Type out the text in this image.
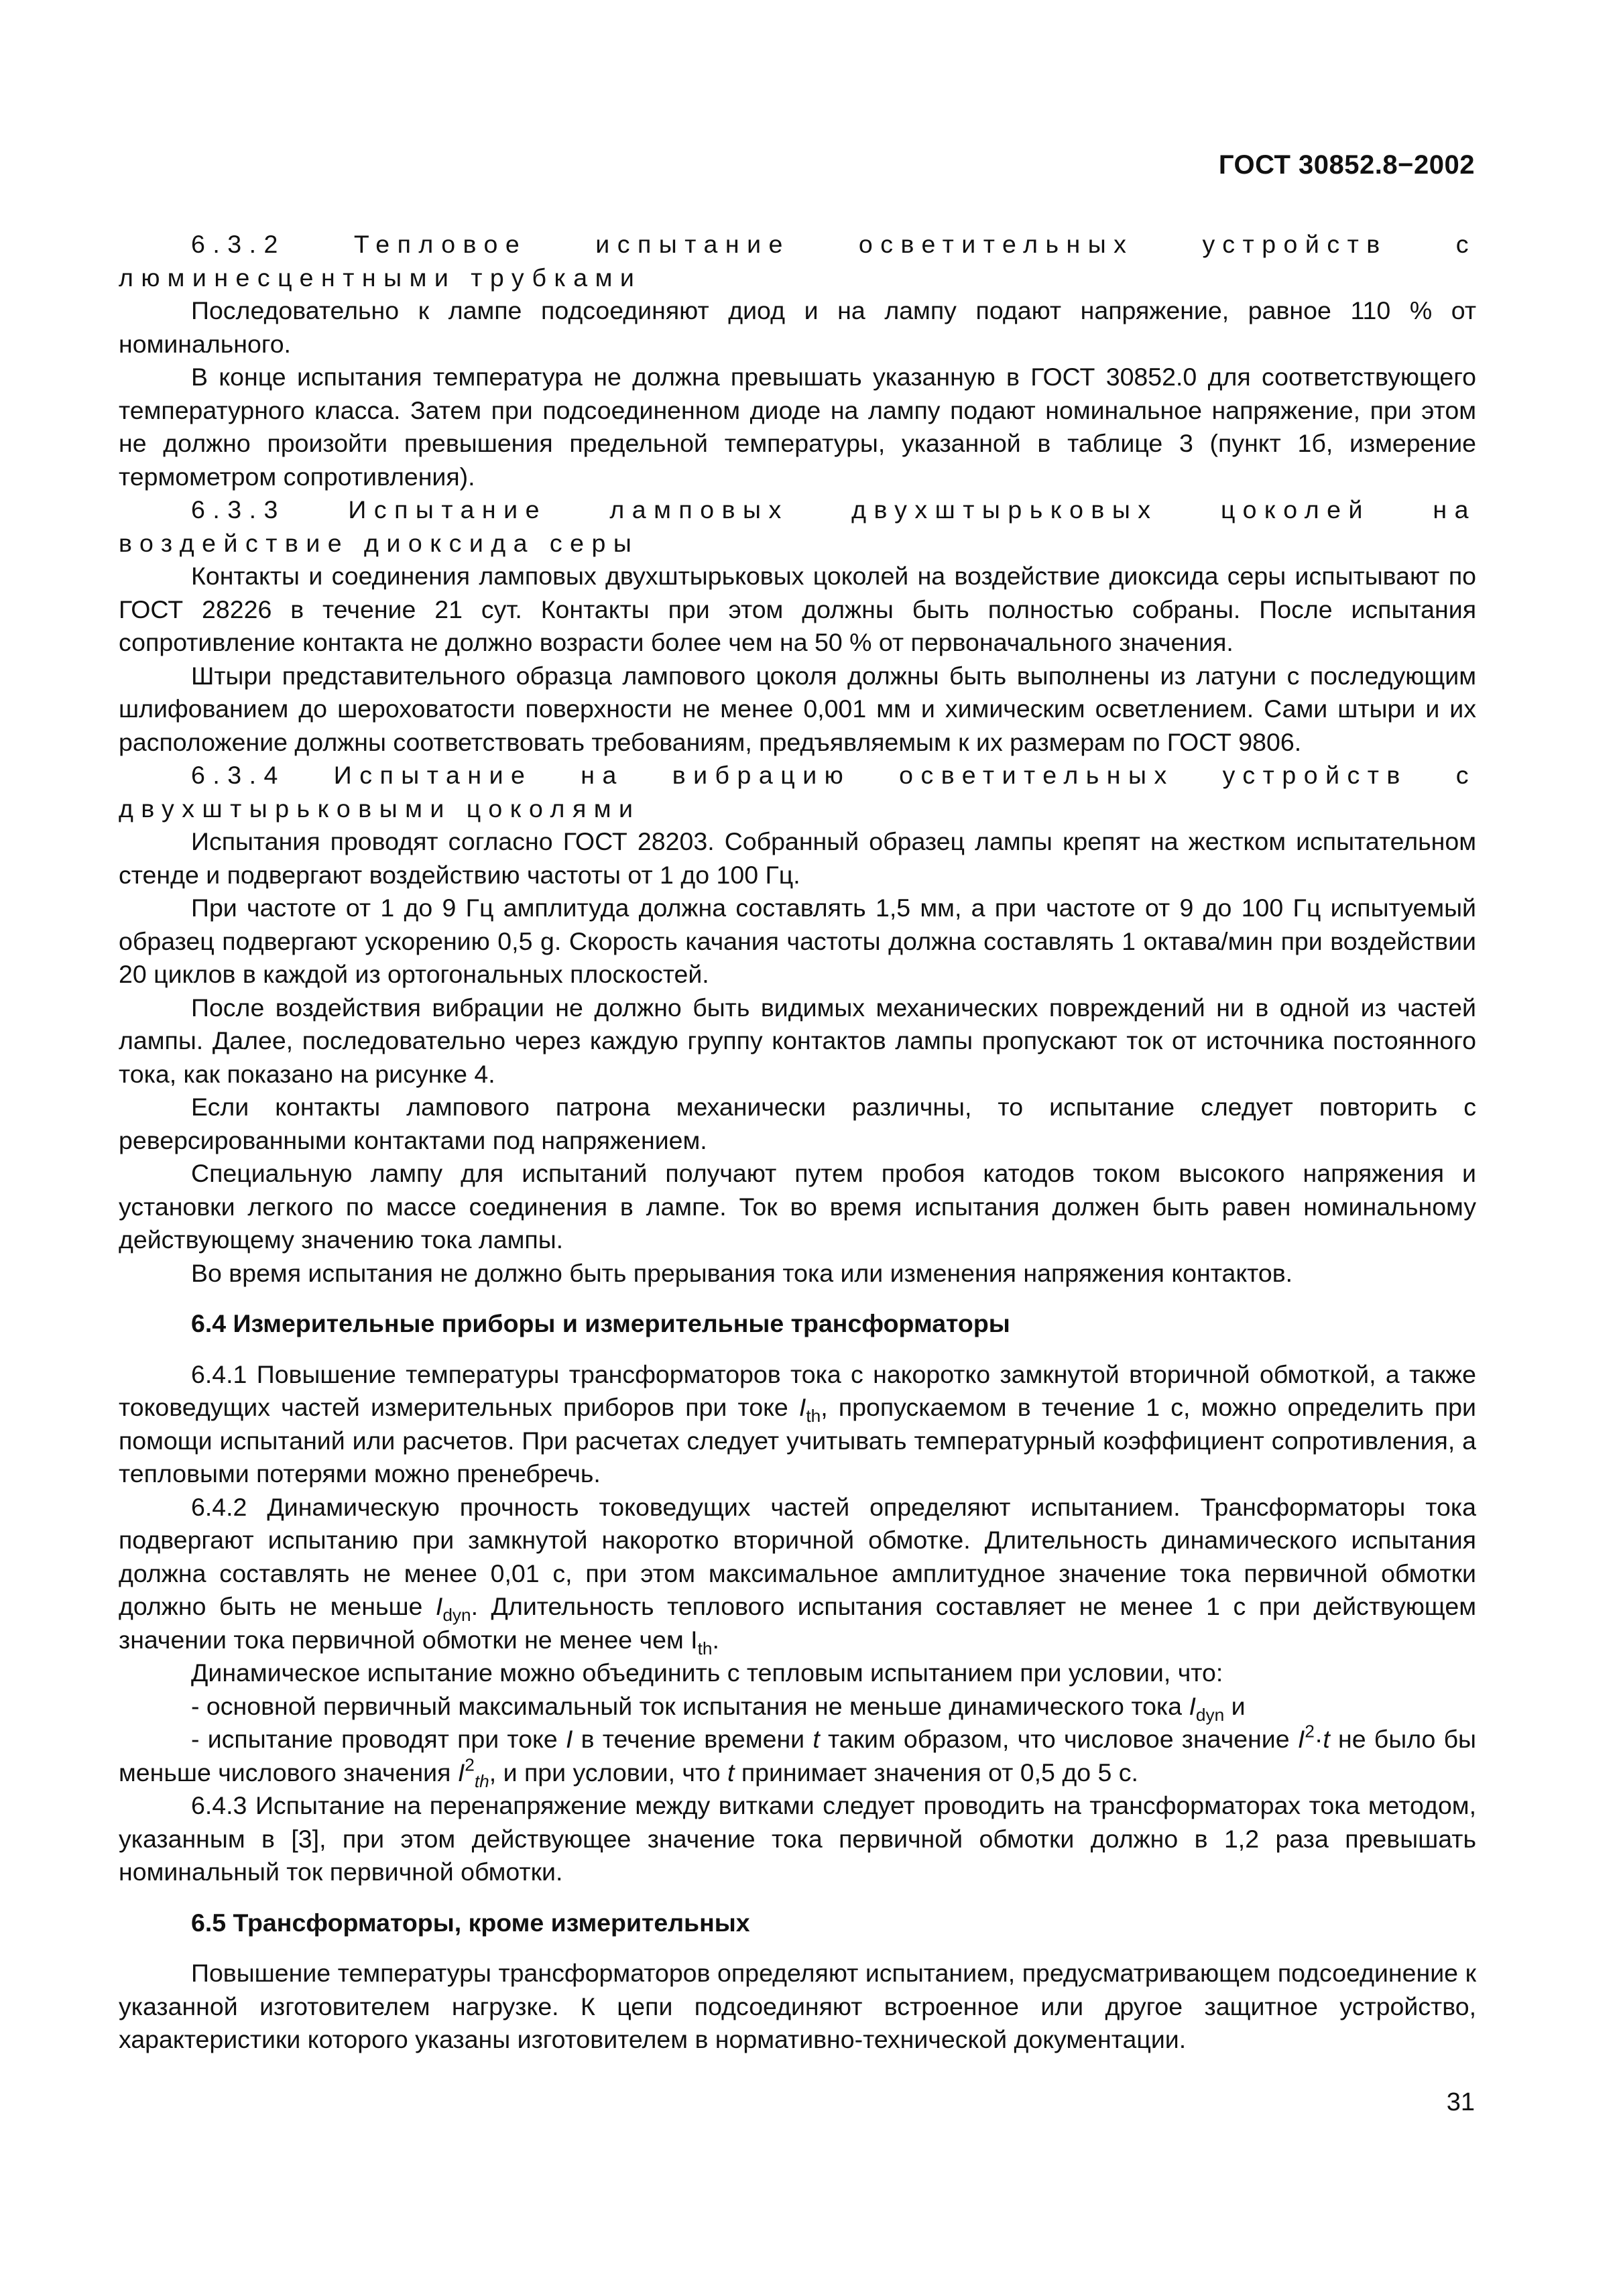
ГОСТ 30852.8−2002

6.3.2 Тепловое испытание осветительных устройств с люминесцентными трубками

Последовательно к лампе подсоединяют диод и на лампу подают напряжение, равное 110 % от номинального.

В конце испытания температура не должна превышать указанную в ГОСТ 30852.0 для соответствующего температурного класса. Затем при подсоединенном диоде на лампу подают номинальное напряжение, при этом не должно произойти превышения предельной температуры, указанной в таблице 3 (пункт 1б, измерение термометром сопротивления).

6.3.3 Испытание ламповых двухштырьковых цоколей на воздействие диоксида серы

Контакты и соединения ламповых двухштырьковых цоколей на воздействие диоксида серы испытывают по ГОСТ 28226 в течение 21 сут. Контакты при этом должны быть полностью собраны. После испытания сопротивление контакта не должно возрасти более чем на 50 % от первоначального значения.

Штыри представительного образца лампового цоколя должны быть выполнены из латуни с последующим шлифованием до шероховатости поверхности не менее 0,001 мм и химическим осветлением. Сами штыри и их расположение должны соответствовать требованиям, предъявляемым к их размерам по ГОСТ 9806.

6.3.4 Испытание на вибрацию осветительных устройств с двухштырьковыми цоколями

Испытания проводят согласно ГОСТ 28203. Собранный образец лампы крепят на жестком испытательном стенде и подвергают воздействию частоты от 1 до 100 Гц.

При частоте от 1 до 9 Гц амплитуда должна составлять 1,5 мм, а при частоте от 9 до 100 Гц испытуемый образец подвергают ускорению 0,5 g. Скорость качания частоты должна составлять 1 октава/мин при воздействии 20 циклов в каждой из ортогональных плоскостей.

После воздействия вибрации не должно быть видимых механических повреждений ни в одной из частей лампы. Далее, последовательно через каждую группу контактов лампы пропускают ток от источника постоянного тока, как показано на рисунке 4.

Если контакты лампового патрона механически различны, то испытание следует повторить с реверсированными контактами под напряжением.

Специальную лампу для испытаний получают путем пробоя катодов током высокого напряжения и установки легкого по массе соединения в лампе. Ток во время испытания должен быть равен номинальному действующему значению тока лампы.

Во время испытания не должно быть прерывания тока или изменения напряжения контактов.

6.4 Измерительные приборы и измерительные трансформаторы

6.4.1 Повышение температуры трансформаторов тока с накоротко замкнутой вторичной обмоткой, а также токоведущих частей измерительных приборов при токе $I_{th}$, пропускаемом в течение 1 с, можно определить при помощи испытаний или расчетов. При расчетах следует учитывать температурный коэффициент сопротивления, а тепловыми потерями можно пренебречь.

6.4.2 Динамическую прочность токоведущих частей определяют испытанием. Трансформаторы тока подвергают испытанию при замкнутой накоротко вторичной обмотке. Длительность динамического испытания должна составлять не менее 0,01 с, при этом максимальное амплитудное значение тока первичной обмотки должно быть не меньше $I_{dyn}$. Длительность теплового испытания составляет не менее 1 с при действующем значении тока первичной обмотки не менее чем $I_{th}$.

Динамическое испытание можно объединить с тепловым испытанием при условии, что:

- основной первичный максимальный ток испытания не меньше динамического тока $I_{dyn}$ и

- испытание проводят при токе I в течение времени t таким образом, что числовое значение $I^2\cdot t$ не было бы меньше числового значения $I^2_{th}$, и при условии, что t принимает значения от 0,5 до 5 с.

6.4.3 Испытание на перенапряжение между витками следует проводить на трансформаторах тока методом, указанным в [3], при этом действующее значение тока первичной обмотки должно в 1,2 раза превышать номинальный ток первичной обмотки.

6.5 Трансформаторы, кроме измерительных

Повышение температуры трансформаторов определяют испытанием, предусматривающем подсоединение к указанной изготовителем нагрузке. К цепи подсоединяют встроенное или другое защитное устройство, характеристики которого указаны изготовителем в нормативно-технической документации.

31
